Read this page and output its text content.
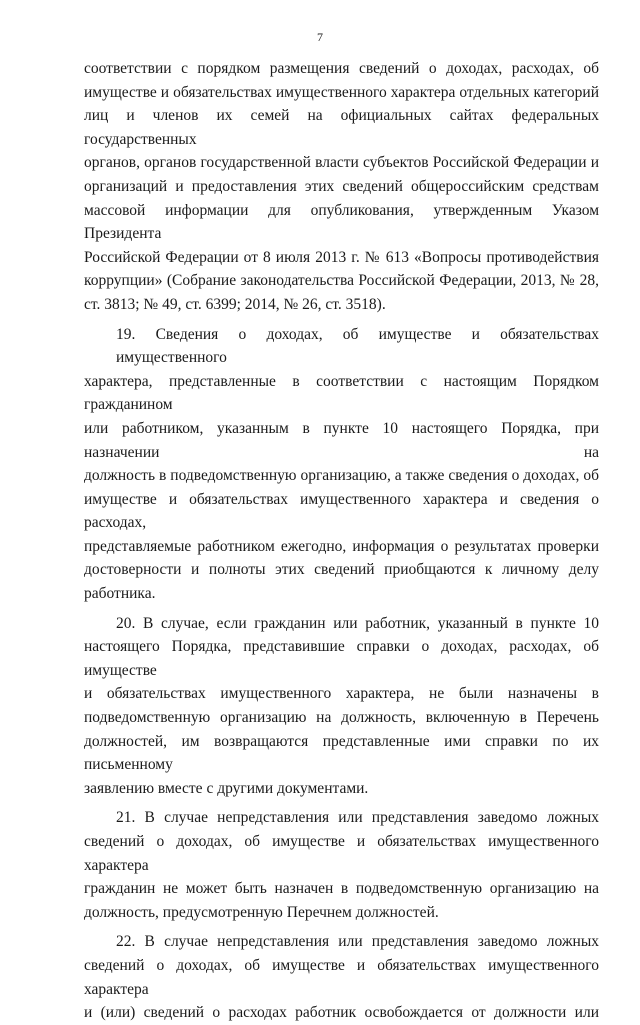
7
соответствии с порядком размещения сведений о доходах, расходах, об
имуществе и обязательствах имущественного характера отдельных категорий
лиц и членов их семей на официальных сайтах федеральных государственных
органов, органов государственной власти субъектов Российской Федерации и
организаций и предоставления этих сведений общероссийским средствам
массовой информации для опубликования, утвержденным Указом Президента
Российской Федерации от 8 июля 2013 г. № 613 «Вопросы противодействия
коррупции» (Собрание законодательства Российской Федерации, 2013, № 28,
ст. 3813; № 49, ст. 6399; 2014, № 26, ст. 3518).
19. Сведения о доходах, об имуществе и обязательствах имущественного
характера, представленные в соответствии с настоящим Порядком гражданином
или работником, указанным в пункте 10 настоящего Порядка, при назначении на
должность в подведомственную организацию, а также сведения о доходах, об
имуществе и обязательствах имущественного характера и сведения о расходах,
представляемые работником ежегодно, информация о результатах проверки
достоверности и полноты этих сведений приобщаются к личному делу
работника.
20. В случае, если гражданин или работник, указанный в пункте 10
настоящего Порядка, представившие справки о доходах, расходах, об имуществе
и обязательствах имущественного характера, не были назначены в
подведомственную организацию на должность, включенную в Перечень
должностей, им возвращаются представленные ими справки по их письменному
заявлению вместе с другими документами.
21. В случае непредставления или представления заведомо ложных
сведений о доходах, об имуществе и обязательствах имущественного характера
гражданин не может быть назначен в подведомственную организацию на
должность, предусмотренную Перечнем должностей.
22. В случае непредставления или представления заведомо ложных
сведений о доходах, об имуществе и обязательствах имущественного характера
и (или) сведений о расходах работник освобождается от должности или
